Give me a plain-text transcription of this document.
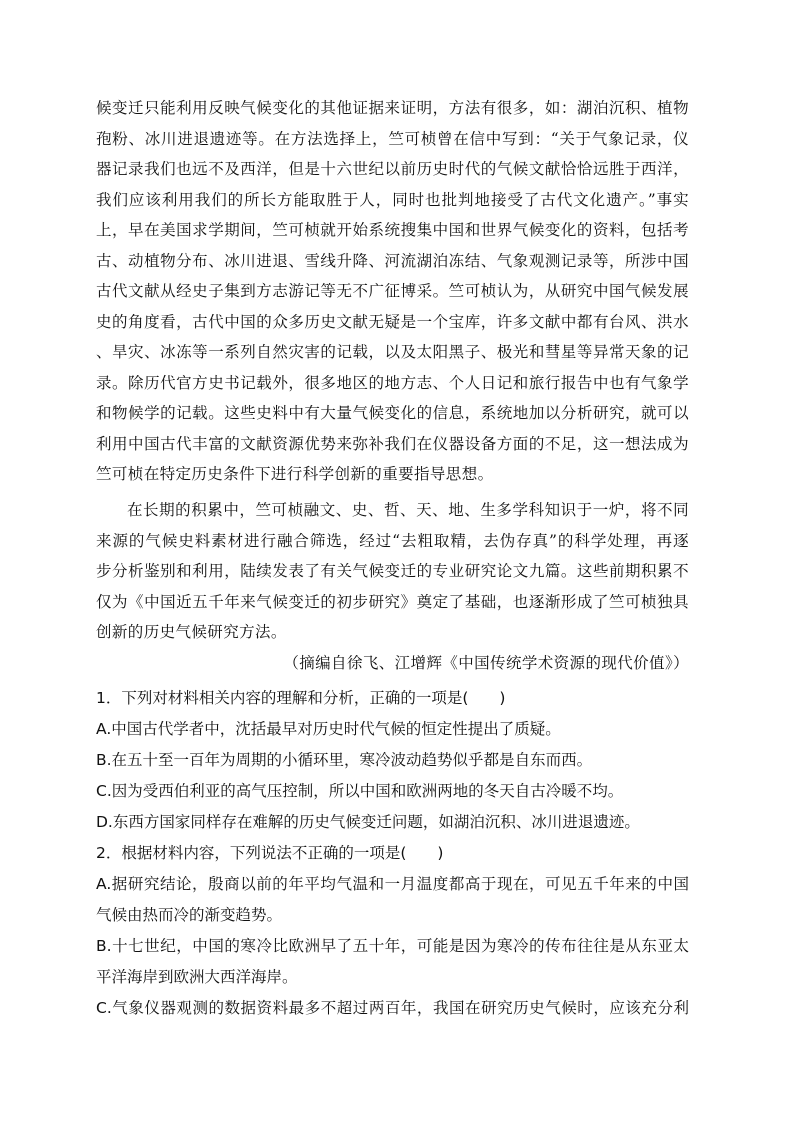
候变迁只能利用反映气候变化的其他证据来证明，方法有很多，如：湖泊沉积、植物
孢粉、冰川进退遗迹等。在方法选择上，竺可桢曾在信中写到：“关于气象记录，仪
器记录我们也远不及西洋，但是十六世纪以前历史时代的气候文献恰恰远胜于西洋，
我们应该利用我们的所长方能取胜于人，同时也批判地接受了古代文化遗产。”事实
上，早在美国求学期间，竺可桢就开始系统搜集中国和世界气候变化的资料，包括考
古、动植物分布、冰川进退、雪线升降、河流湖泊冻结、气象观测记录等，所涉中国
古代文献从经史子集到方志游记等无不广征博采。竺可桢认为，从研究中国气候发展
史的角度看，古代中国的众多历史文献无疑是一个宝库，许多文献中都有台风、洪水
、旱灾、冰冻等一系列自然灾害的记载，以及太阳黑子、极光和彗星等异常天象的记
录。除历代官方史书记载外，很多地区的地方志、个人日记和旅行报告中也有气象学
和物候学的记载。这些史料中有大量气候变化的信息，系统地加以分析研究，就可以
利用中国古代丰富的文献资源优势来弥补我们在仪器设备方面的不足，这一想法成为
竺可桢在特定历史条件下进行科学创新的重要指导思想。
在长期的积累中，竺可桢融文、史、哲、天、地、生多学科知识于一炉，将不同
来源的气候史料素材进行融合筛选，经过“去粗取精，去伪存真”的科学处理，再逐
步分析鉴别和利用，陆续发表了有关气候变迁的专业研究论文九篇。这些前期积累不
仅为《中国近五千年来气候变迁的初步研究》奠定了基础，也逐渐形成了竺可桢独具
创新的历史气候研究方法。
（摘编自徐飞、江增辉《中国传统学术资源的现代价值》）
1．下列对材料相关内容的理解和分析，正确的一项是(　　)
A.中国古代学者中，沈括最早对历史时代气候的恒定性提出了质疑。
B.在五十至一百年为周期的小循环里，寒冷波动趋势似乎都是自东而西。
C.因为受西伯利亚的高气压控制，所以中国和欧洲两地的冬天自古冷暖不均。
D.东西方国家同样存在难解的历史气候变迁问题，如湖泊沉积、冰川进退遗迹。
2．根据材料内容，下列说法不正确的一项是(　　)
A.据研究结论，殷商以前的年平均气温和一月温度都高于现在，可见五千年来的中国
气候由热而冷的渐变趋势。
B.十七世纪，中国的寒冷比欧洲早了五十年，可能是因为寒冷的传布往往是从东亚太
平洋海岸到欧洲大西洋海岸。
C.气象仪器观测的数据资料最多不超过两百年，我国在研究历史气候时，应该充分利
